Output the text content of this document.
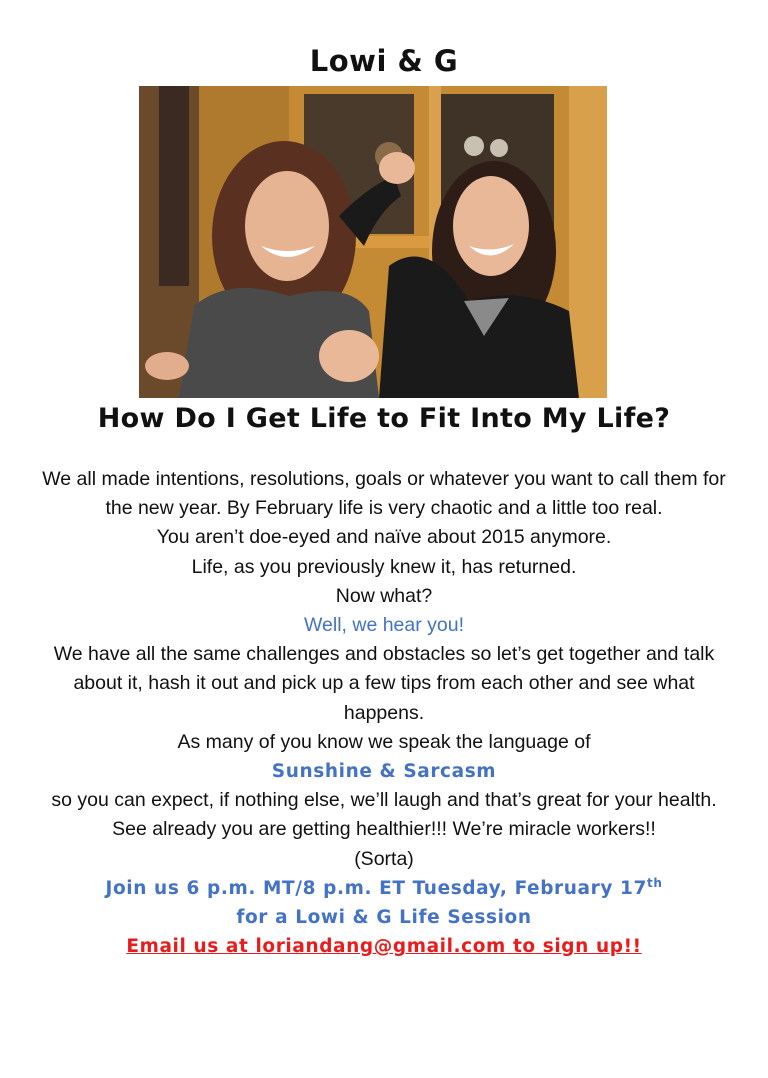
Lowi & G
How Do I Get Life to Fit Into My Life?

We all made intentions, resolutions, goals or whatever you want to call them for the new year. By February life is very chaotic and a little too real.

You aren’t doe-eyed and naïve about 2015 anymore.

Life, as you previously knew it, has returned.

Now what?

Well, we hear you!

We have all the same challenges and obstacles so let’s get together and talk about it, hash it out and pick up a few tips from each other and see what happens.

As many of you know we speak the language of

Sunshine & Sarcasm

so you can expect, if nothing else, we’ll laugh and that’s great for your health.

See already you are getting healthier!!! We’re miracle workers!!

(Sorta)

Join us 6 p.m. MT/8 p.m. ET Tuesday, February 17th

for a Lowi & G Life Session

Email us at loriandang@gmail.com to sign up!!
